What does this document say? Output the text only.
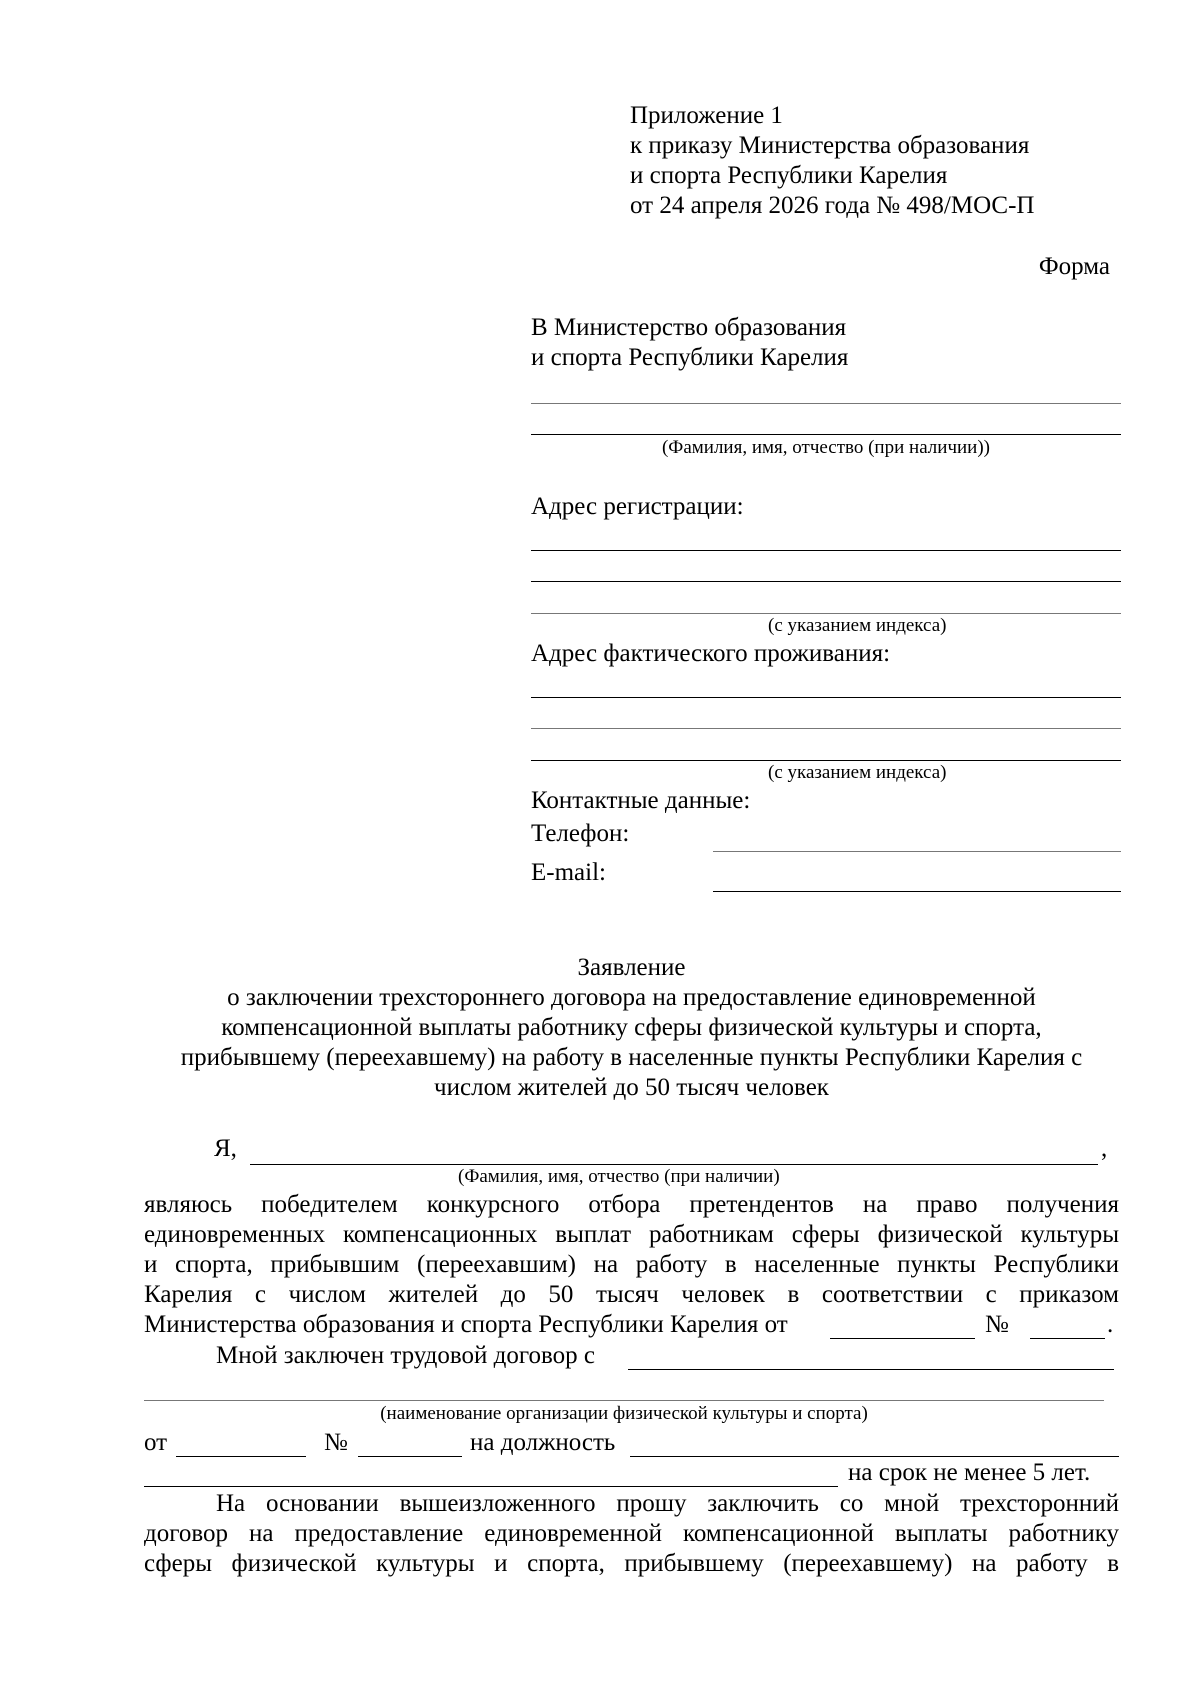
Приложение 1
к приказу Министерства образования
и спорта Республики Карелия
от 24 апреля 2026 года № 498/МОС-П
Форма
В Министерство образования
и спорта Республики Карелия
(Фамилия, имя, отчество (при наличии))
Адрес регистрации:
(с указанием индекса)
Адрес фактического проживания:
(с указанием индекса)
Контактные данные:
Телефон:
E-mail:
Заявление
о заключении трехстороннего договора на предоставление единовременной
компенсационной выплаты работнику сферы физической культуры и спорта,
прибывшему (переехавшему) на работу в населенные пункты Республики Карелия с
числом жителей до 50 тысяч человек
Я,	,
(Фамилия, имя, отчество (при наличии)
являюсь победителем конкурсного отбора претендентов на право получения
единовременных компенсационных выплат работникам сферы физической культуры
и спорта, прибывшим (переехавшим) на работу в населенные пункты Республики
Карелия с числом жителей до 50 тысяч человек в соответствии с приказом
Министерства образования и спорта Республики Карелия от	№	.
Мной заключен трудовой договор с
(наименование организации физической культуры и спорта)
от	№	на должность
на срок не менее 5 лет.
На основании вышеизложенного прошу заключить со мной трехсторонний
договор на предоставление единовременной компенсационной выплаты работнику
сферы физической культуры и спорта, прибывшему (переехавшему) на работу в
